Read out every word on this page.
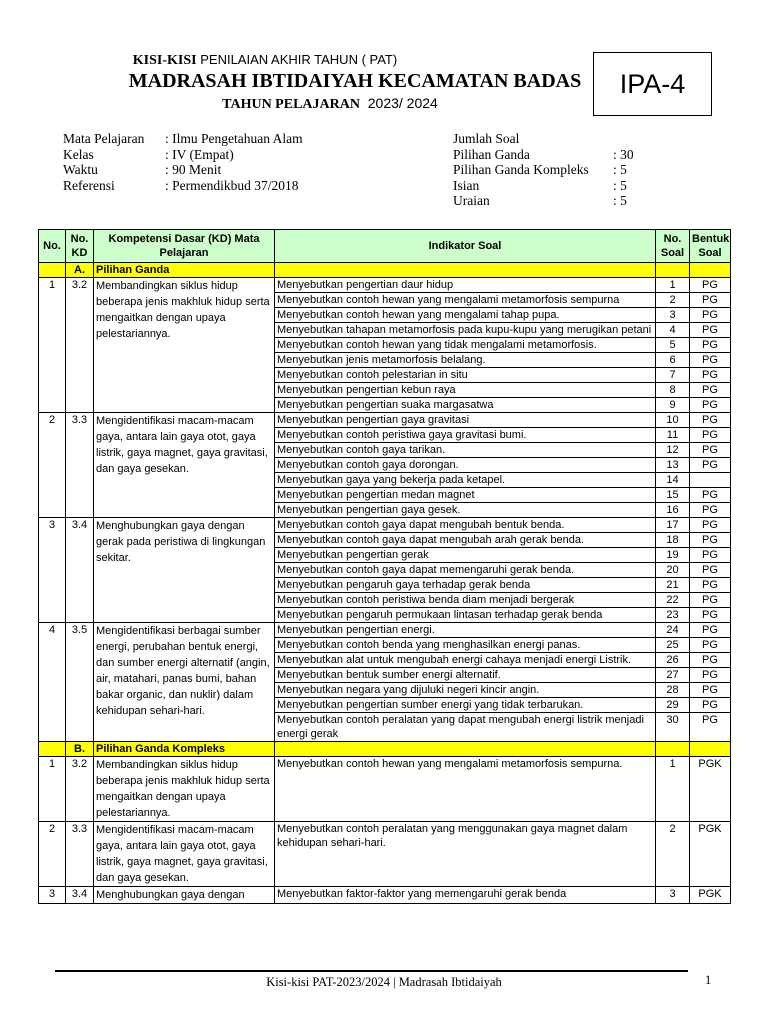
KISI-KISI PENILAIAN AKHIR TAHUN ( PAT)
MADRASAH IBTIDAIYAH KECAMATAN BADAS
TAHUN PELAJARAN 2023/ 2024
IPA-4
Mata Pelajaran : Ilmu Pengetahuan Alam
Kelas	: IV (Empat)
Waktu	: 90 Menit
Referensi	: Permendikbud 37/2018
Jumlah Soal
Pilihan Ganda	: 30
Pilihan Ganda Kompleks : 5
Isian	: 5
Uraian	: 5
No.	No. KD	Kompetensi Dasar (KD) Mata Pelajaran	Indikator Soal	No. Soal	Bentuk Soal
	A.	Pilihan Ganda			
1	3.2	Membandingkan siklus hidup beberapa jenis makhluk hidup serta mengaitkan dengan upaya pelestariannya.	Menyebutkan pengertian daur hidup	1	PG
			Menyebutkan contoh hewan yang mengalami metamorfosis sempurna	2	PG
			Menyebutkan contoh hewan yang mengalami tahap pupa.	3	PG
			Menyebutkan tahapan metamorfosis pada kupu-kupu yang merugikan petani	4	PG
			Menyebutkan contoh hewan yang tidak mengalami metamorfosis.	5	PG
			Menyebutkan jenis metamorfosis belalang.	6	PG
			Menyebutkan contoh pelestarian in situ	7	PG
			Menyebutkan pengertian kebun raya	8	PG
			Menyebutkan pengertian suaka margasatwa	9	PG
2	3.3	Mengidentifikasi macam-macam gaya, antara lain gaya otot, gaya listrik, gaya magnet, gaya gravitasi, dan gaya gesekan.	Menyebutkan pengertian gaya gravitasi	10	PG
			Menyebutkan contoh peristiwa gaya gravitasi bumi.	11	PG
			Menyebutkan contoh gaya tarikan.	12	PG
			Menyebutkan contoh gaya dorongan.	13	PG
			Menyebutkan gaya yang bekerja pada ketapel.	14	
			Menyebutkan pengertian medan magnet	15	PG
			Menyebutkan pengertian gaya gesek.	16	PG
3	3.4	Menghubungkan gaya dengan gerak pada peristiwa di lingkungan sekitar.	Menyebutkan contoh gaya dapat mengubah bentuk benda.	17	PG
			Menyebutkan contoh gaya dapat mengubah arah gerak benda.	18	PG
			Menyebutkan pengertian gerak	19	PG
			Menyebutkan contoh gaya dapat memengaruhi gerak benda.	20	PG
			Menyebutkan pengaruh gaya terhadap gerak benda	21	PG
			Menyebutkan contoh peristiwa benda diam menjadi bergerak	22	PG
			Menyebutkan pengaruh permukaan lintasan terhadap gerak benda	23	PG
4	3.5	Mengidentifikasi berbagai sumber energi, perubahan bentuk energi, dan sumber energi alternatif (angin, air, matahari, panas bumi, bahan bakar organic, dan nuklir) dalam kehidupan sehari-hari.	Menyebutkan pengertian energi.	24	PG
			Menyebutkan contoh benda yang menghasilkan energi panas.	25	PG
			Menyebutkan alat untuk mengubah energi cahaya menjadi energi Listrik.	26	PG
			Menyebutkan bentuk sumber energi alternatif.	27	PG
			Menyebutkan negara yang dijuluki negeri kincir angin.	28	PG
			Menyebutkan pengertian sumber energi yang tidak terbarukan.	29	PG
			Menyebutkan contoh peralatan yang dapat mengubah energi listrik menjadi energi gerak	30	PG
	B.	Pilihan Ganda Kompleks			
1	3.2	Membandingkan siklus hidup beberapa jenis makhluk hidup serta mengaitkan dengan upaya pelestariannya.	Menyebutkan contoh hewan yang mengalami metamorfosis sempurna.	1	PGK
2	3.3	Mengidentifikasi macam-macam gaya, antara lain gaya otot, gaya listrik, gaya magnet, gaya gravitasi, dan gaya gesekan.	Menyebutkan contoh peralatan yang menggunakan gaya magnet dalam kehidupan sehari-hari.	2	PGK
3	3.4	Menghubungkan gaya dengan	Menyebutkan faktor-faktor yang memengaruhi gerak benda	3	PGK
Kisi-kisi PAT-2023/2024 | Madrasah Ibtidaiyah	1
